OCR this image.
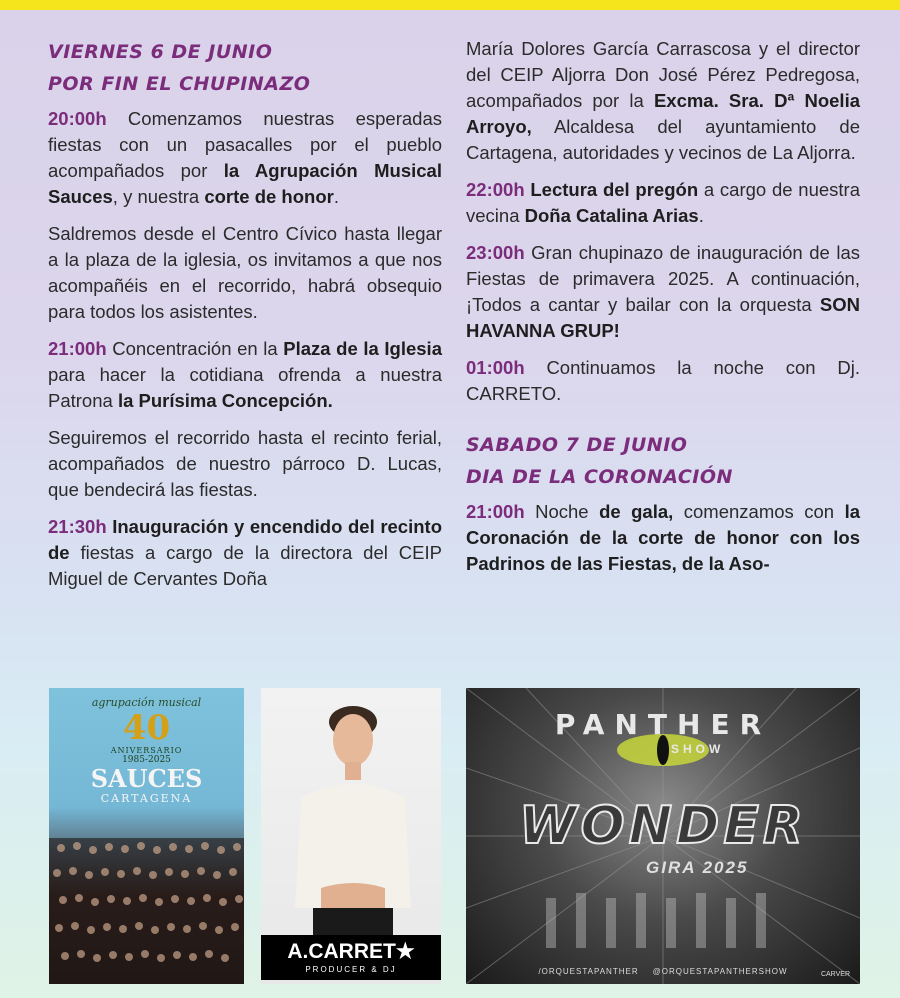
VIERNES 6 DE JUNIO
POR FIN EL CHUPINAZO

20:00h Comenzamos nuestras esperadas fiestas con un pasacalles por el pueblo acompañados por la Agrupación Musical Sauces, y nuestra corte de honor.

Saldremos desde el Centro Cívico hasta llegar a la plaza de la iglesia, os invitamos a que nos acompañéis en el recorrido, habrá obsequio para todos los asistentes.

21:00h Concentración en la Plaza de la Iglesia para hacer la cotidiana ofrenda a nuestra Patrona la Purísima Concepción.

Seguiremos el recorrido hasta el recinto ferial, acompañados de nuestro párroco D. Lucas, que bendecirá las fiestas.

21:30h Inauguración y encendido del recinto de fiestas a cargo de la directora del CEIP Miguel de Cervantes Doña

María Dolores García Carrascosa y el director del CEIP Aljorra Don José Pérez Pedregosa, acompañados por la Excma. Sra. Dª Noelia Arroyo, Alcaldesa del ayuntamiento de Cartagena, autoridades y vecinos de La Aljorra.

22:00h Lectura del pregón a cargo de nuestra vecina Doña Catalina Arias.

23:00h Gran chupinazo de inauguración de las Fiestas de primavera 2025. A continuación, ¡Todos a cantar y bailar con la orquesta SON HAVANNA GRUP!

01:00h Continuamos la noche con Dj. CARRETO.

SABADO 7 DE JUNIO
DIA DE LA CORONACIÓN

21:00h Noche de gala, comenzamos con la Coronación de la corte de honor con los Padrinos de las Fiestas, de la Aso-

agrupación musical
40
ANIVERSARIO
1985-2025
SAUCES
CARTAGENA
PRODUCER & DJ
A.CARRET★
PANTHER
SHOW
WONDER
GIRA 2025
/ORQUESTAPANTHER @ORQUESTAPANTHERSHOW	CARVER
